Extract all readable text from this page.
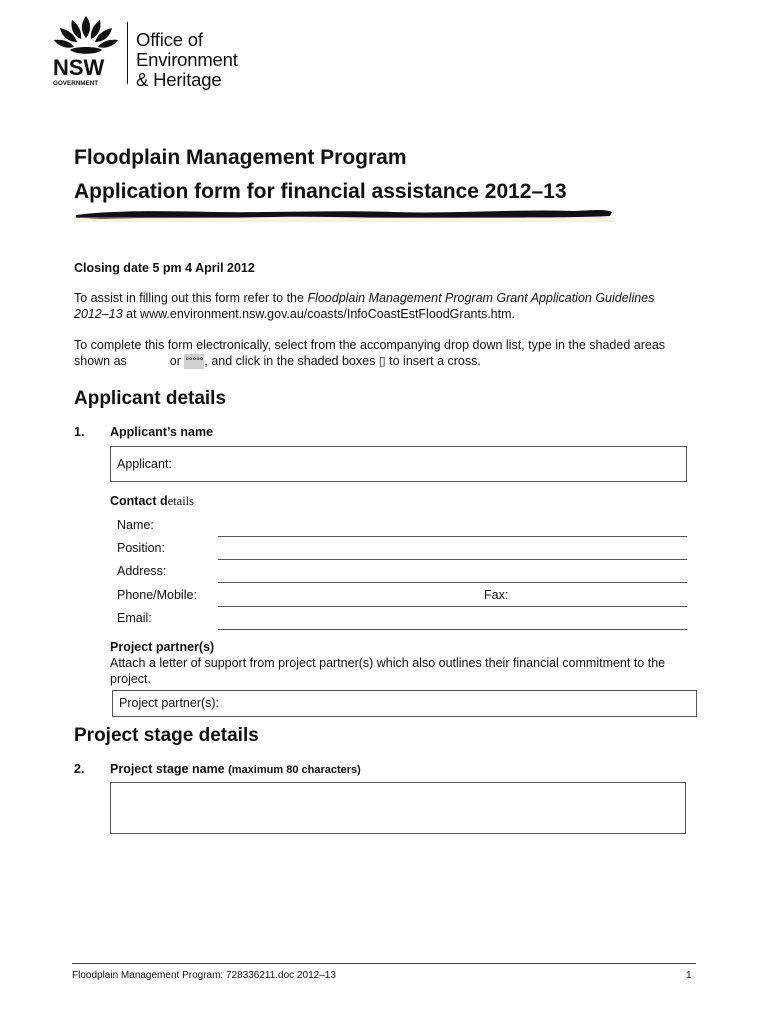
NSW
GOVERNMENT
Office of
Environment
& Heritage
Floodplain Management Program
Application form for financial assistance 2012–13
Closing date 5 pm 4 April 2012
To assist in filling out this form refer to the Floodplain Management Program Grant Application Guidelines 2012–13 at www.environment.nsw.gov.au/coasts/InfoCoastEstFloodGrants.htm.
To complete this form electronically, select from the accompanying drop down list, type in the shaded areas shown as	or °°°°°, and click in the shaded boxes ▯ to insert a cross.
Applicant details
1. Applicant’s name
Applicant:
Contact details
Name:
Position:
Address:
Phone/Mobile:	Fax:
Email:
Project partner(s)
Attach a letter of support from project partner(s) which also outlines their financial commitment to the project.
Project partner(s):
Project stage details
2. Project stage name (maximum 80 characters)
Floodplain Management Program: 728336211.doc 2012–13	1
